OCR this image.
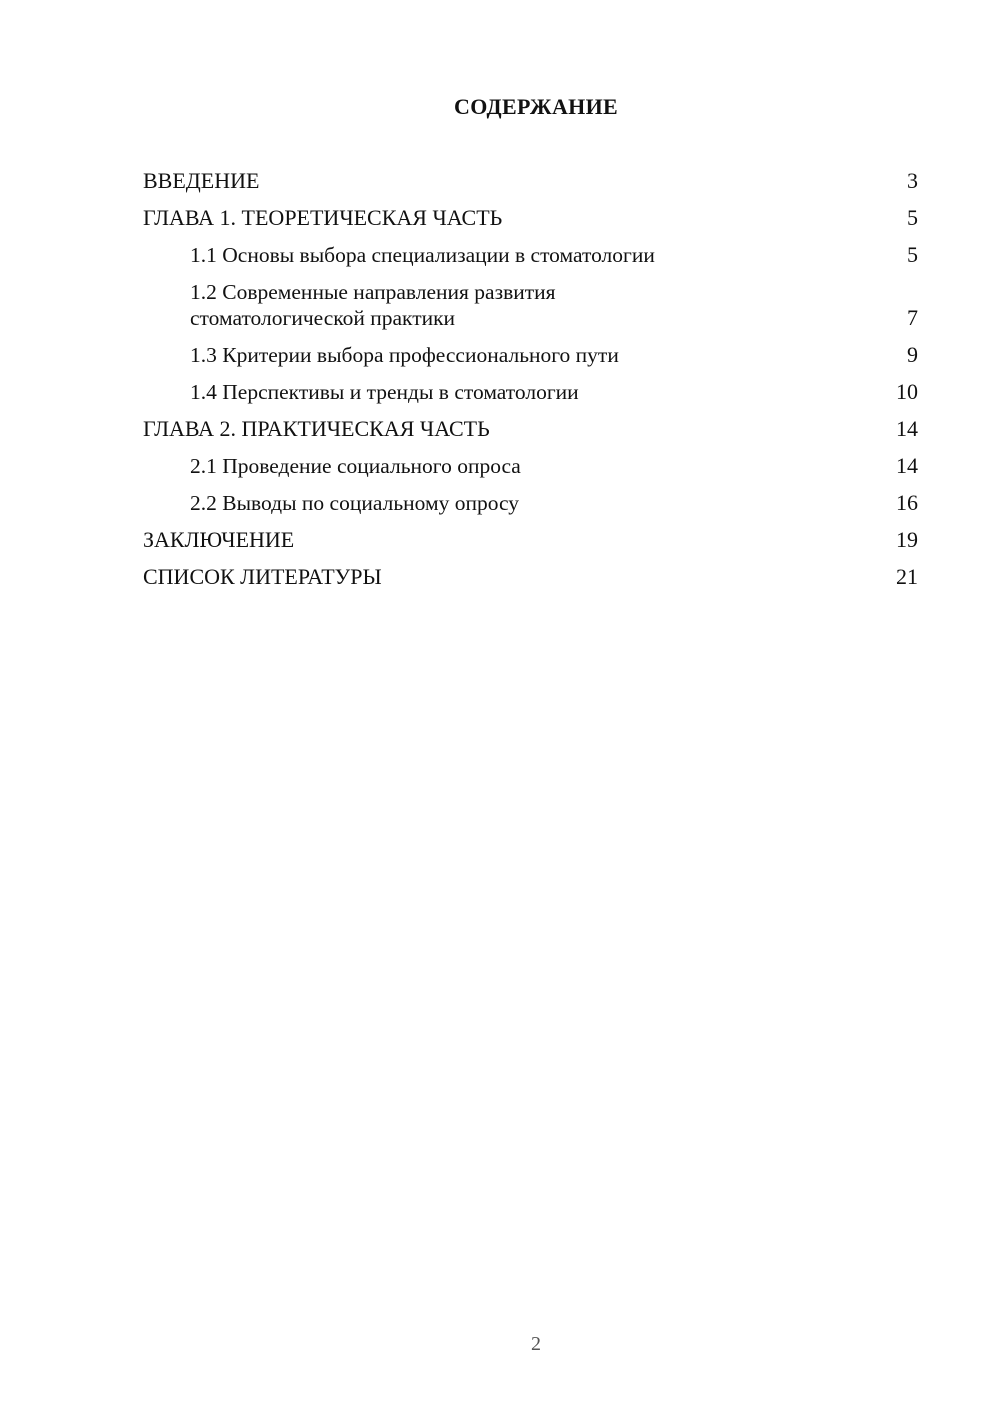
СОДЕРЖАНИЕ
ВВЕДЕНИЕ	3
ГЛАВА 1. ТЕОРЕТИЧЕСКАЯ ЧАСТЬ	5
1.1 Основы выбора специализации в стоматологии	5
1.2 Современные направления развития стоматологической практики	7
1.3 Критерии выбора профессионального пути	9
1.4 Перспективы и тренды в стоматологии	10
ГЛАВА 2. ПРАКТИЧЕСКАЯ ЧАСТЬ	14
2.1 Проведение социального опроса	14
2.2 Выводы по социальному опросу	16
ЗАКЛЮЧЕНИЕ	19
СПИСОК ЛИТЕРАТУРЫ	21
2
